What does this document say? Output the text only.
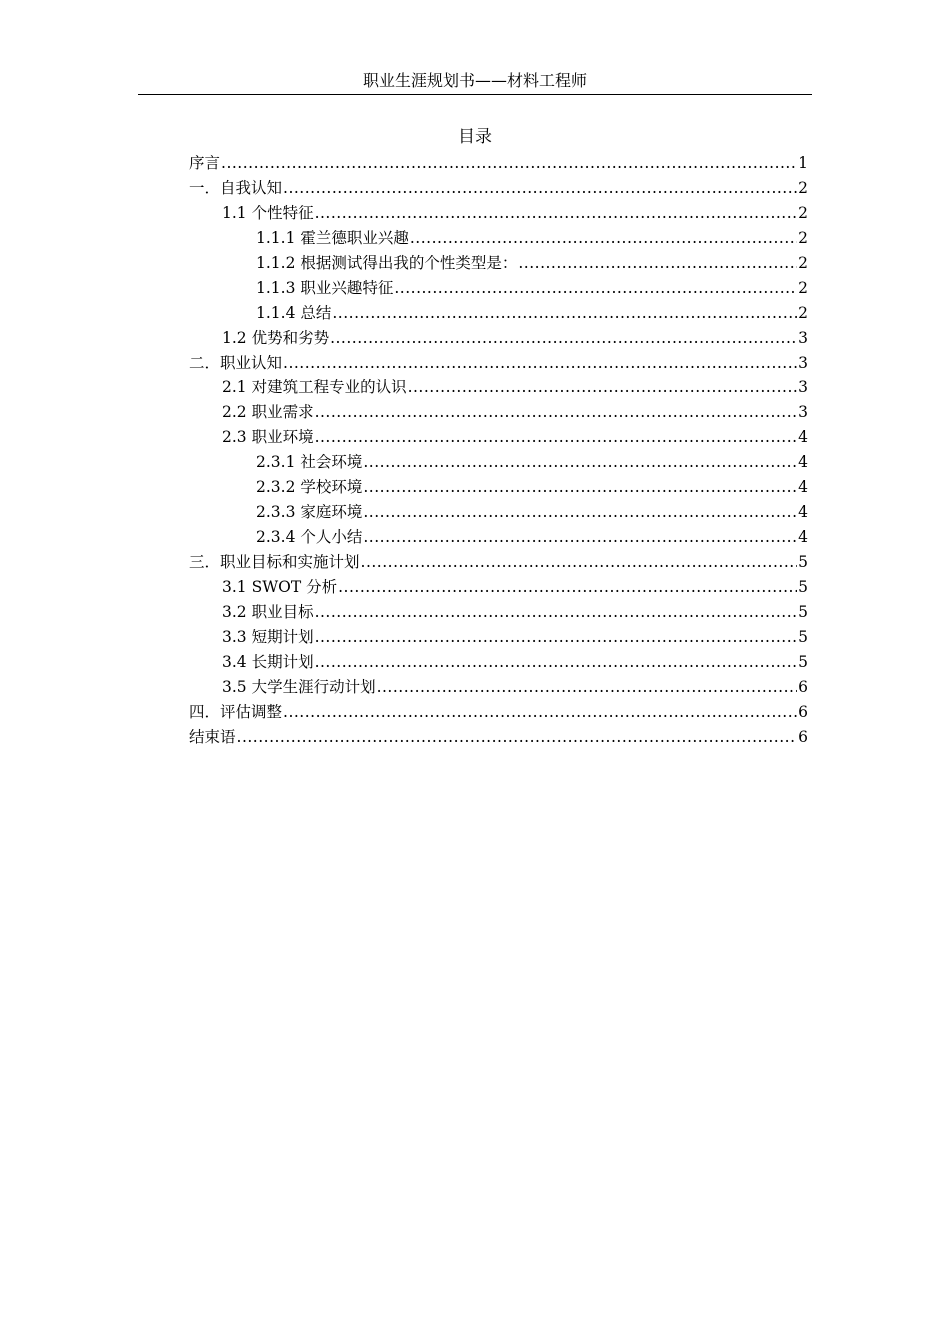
职业生涯规划书——材料工程师
目录
序言 .....	1
一．自我认知 .....	2
1.1 个性特征 .....	2
1.1.1 霍兰德职业兴趣 .....	2
1.1.2 根据测试得出我的个性类型是： .....	2
1.1.3 职业兴趣特征 .....	2
1.1.4 总结 .....	2
1.2 优势和劣势 .....	3
二．职业认知 .....	3
2.1 对建筑工程专业的认识 .....	3
2.2 职业需求 .....	3
2.3 职业环境 .....	4
2.3.1 社会环境 .....	4
2.3.2 学校环境 .....	4
2.3.3 家庭环境 .....	4
2.3.4 个人小结 .....	4
三．职业目标和实施计划 .....	5
3.1 SWOT 分析 .....	5
3.2 职业目标 .....	5
3.3 短期计划 .....	5
3.4 长期计划 .....	5
3.5 大学生涯行动计划 .....	6
四．评估调整 .....	6
结束语 .....	6
